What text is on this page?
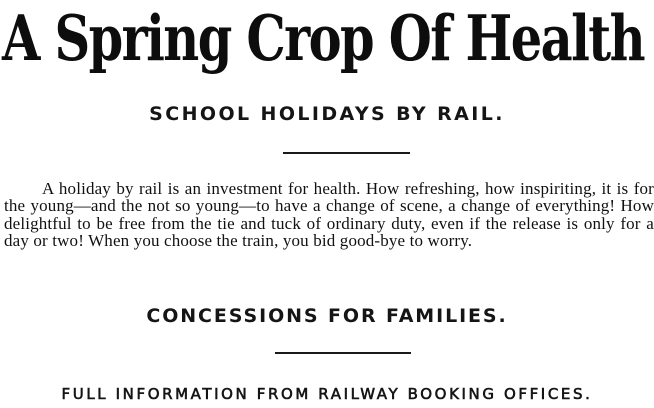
A Spring Crop Of Health
SCHOOL HOLIDAYS BY RAIL.

A holiday by rail is an investment for health. How refreshing, how inspiriting, it is for the young—and the not so young—to have a change of scene, a change of everything! How delightful to be free from the tie and tuck of ordinary duty, even if the release is only for a day or two! When you choose the train, you bid good-bye to worry.

CONCESSIONS FOR FAMILIES.
FULL INFORMATION FROM RAILWAY BOOKING OFFICES.
